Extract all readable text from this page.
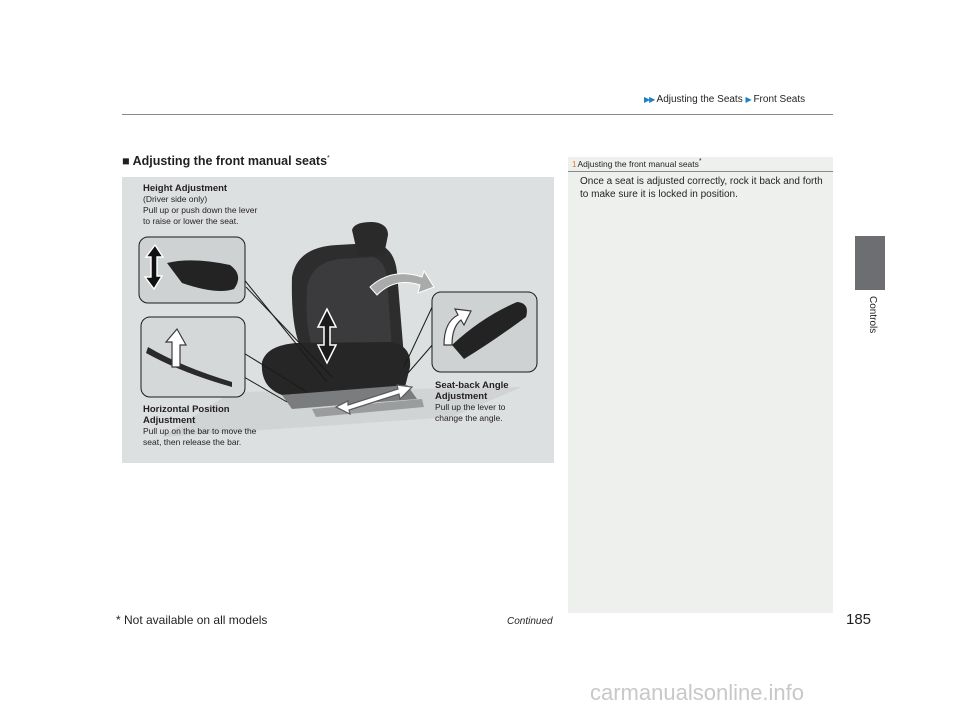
▶▶ Adjusting the Seats ▶ Front Seats
Controls
■ Adjusting the front manual seats*
Height Adjustment
(Driver side only)
Pull up or push down the lever
to raise or lower the seat.
Horizontal Position
Adjustment
Pull up on the bar to move the
seat, then release the bar.
Seat-back Angle
Adjustment
Pull up the lever to
change the angle.
1Adjusting the front manual seats*
Once a seat is adjusted correctly, rock it back and forth to make sure it is locked in position.
Continued	185
* Not available on all models
carmanualsonline.info
